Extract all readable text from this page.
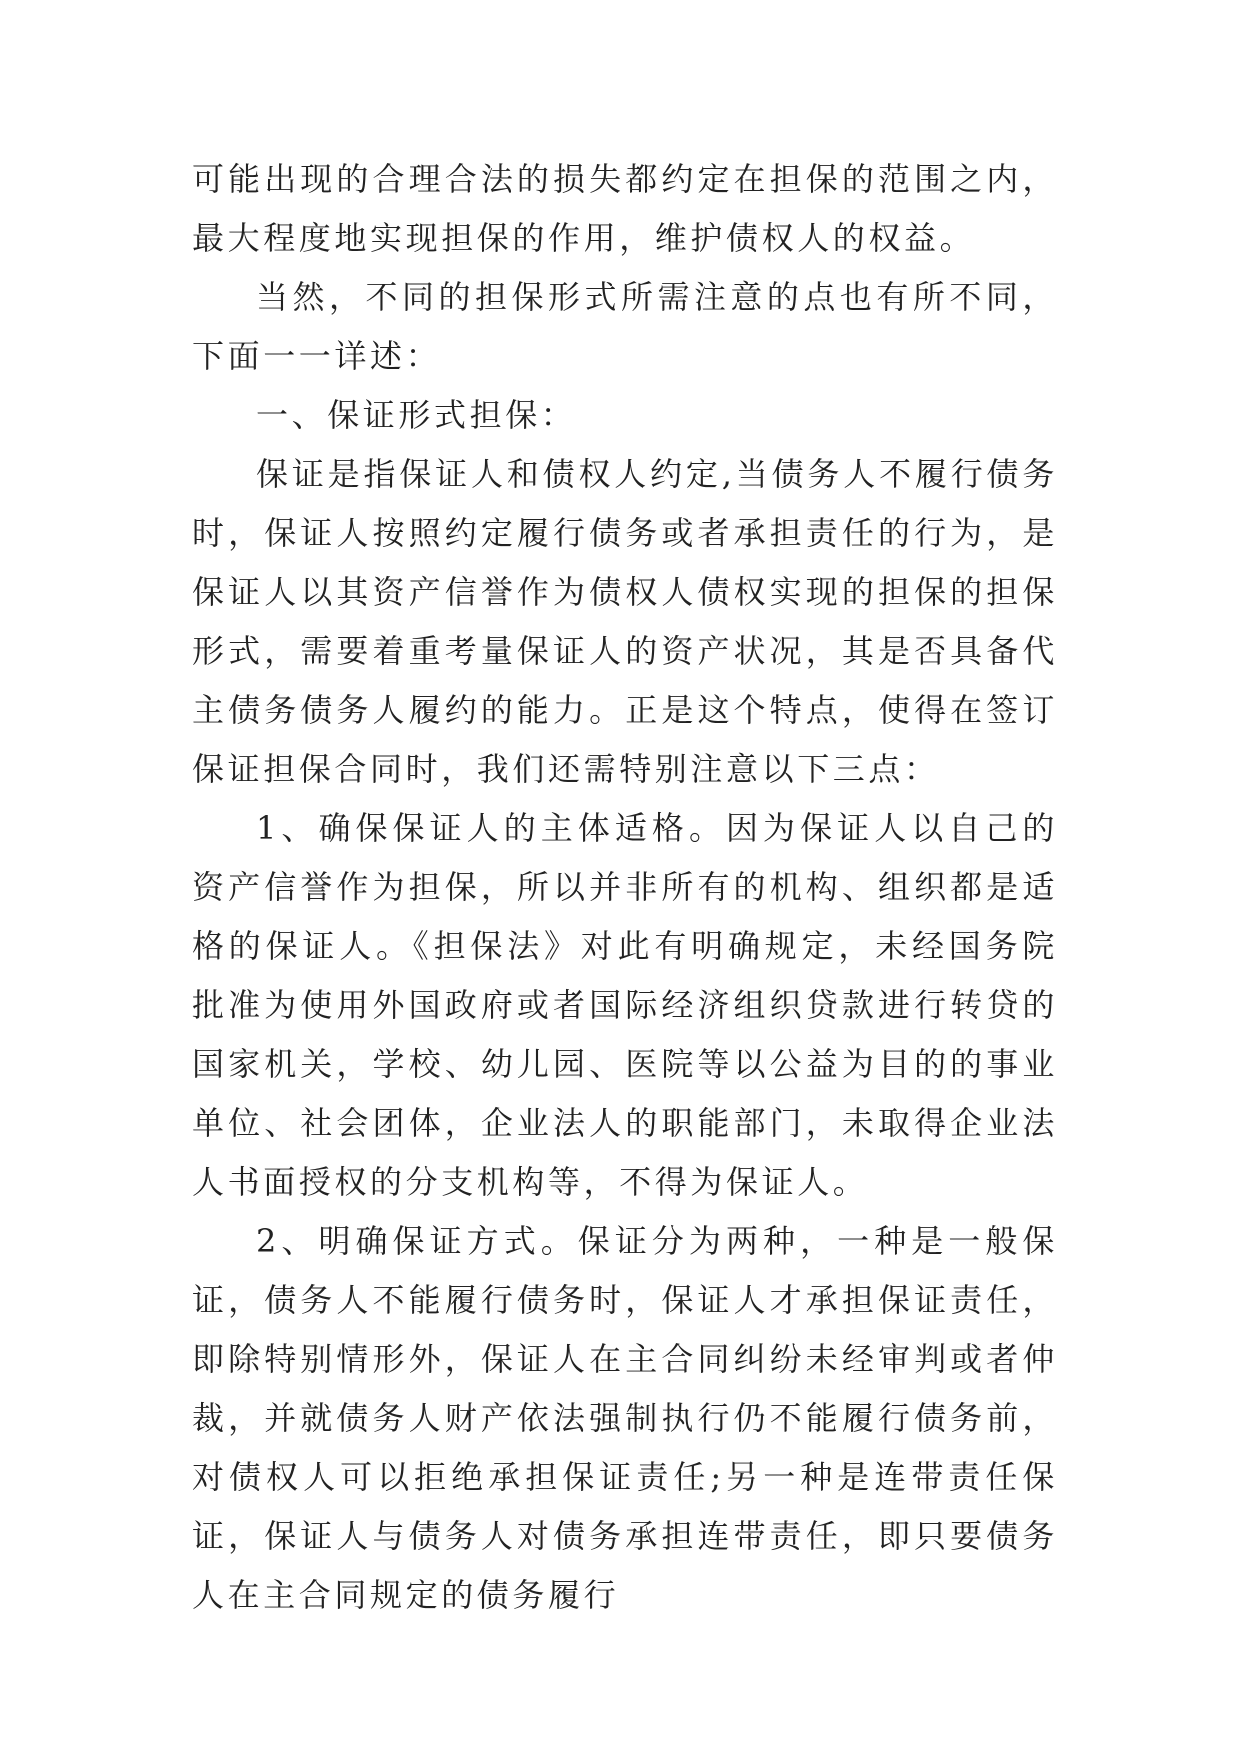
可能出现的合理合法的损失都约定在担保的范围之内，最大程度地实现担保的作用，维护债权人的权益。

当然，不同的担保形式所需注意的点也有所不同，下面一一详述：

一、保证形式担保：

保证是指保证人和债权人约定,当债务人不履行债务时，保证人按照约定履行债务或者承担责任的行为，是保证人以其资产信誉作为债权人债权实现的担保的担保形式，需要着重考量保证人的资产状况，其是否具备代主债务债务人履约的能力。正是这个特点，使得在签订保证担保合同时，我们还需特别注意以下三点：

1、确保保证人的主体适格。因为保证人以自己的资产信誉作为担保，所以并非所有的机构、组织都是适格的保证人。《担保法》对此有明确规定，未经国务院批准为使用外国政府或者国际经济组织贷款进行转贷的国家机关，学校、幼儿园、医院等以公益为目的的事业单位、社会团体，企业法人的职能部门，未取得企业法人书面授权的分支机构等，不得为保证人。

2、明确保证方式。保证分为两种，一种是一般保证，债务人不能履行债务时，保证人才承担保证责任，即除特别情形外，保证人在主合同纠纷未经审判或者仲裁，并就债务人财产依法强制执行仍不能履行债务前，对债权人可以拒绝承担保证责任;另一种是连带责任保证，保证人与债务人对债务承担连带责任，即只要债务人在主合同规定的债务履行
